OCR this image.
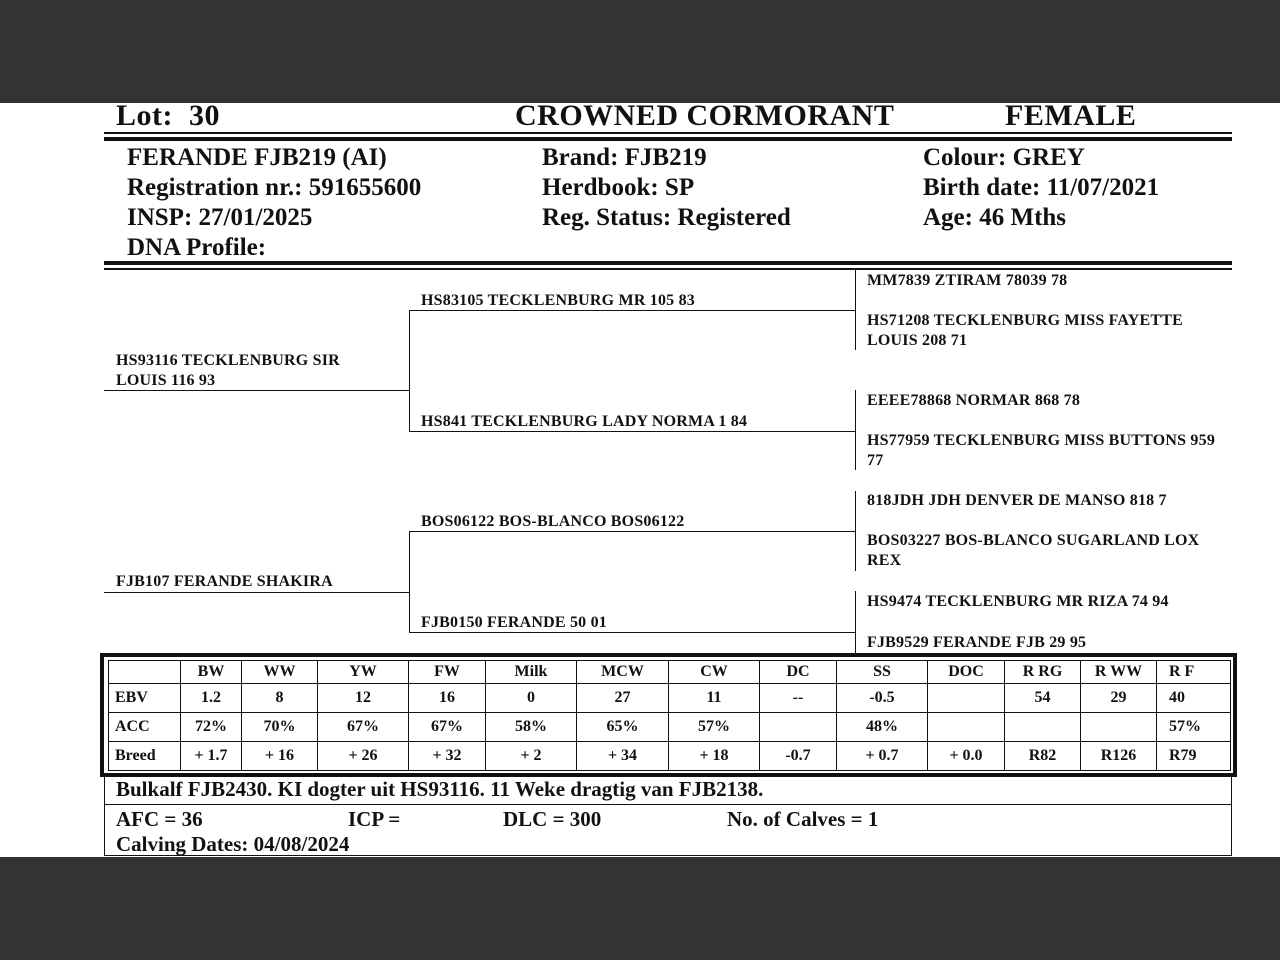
Lot: 30	CROWNED CORMORANT	FEMALE
FERANDE FJB219 (AI)
Registration nr.: 591655600
INSP: 27/01/2025
DNA Profile:
Brand: FJB219
Herdbook: SP
Reg. Status: Registered
Colour: GREY
Birth date: 11/07/2021
Age: 46 Mths
HS93116 TECKLENBURG SIR LOUIS 116 93
FJB107 FERANDE SHAKIRA
HS83105 TECKLENBURG MR 105 83
HS841 TECKLENBURG LADY NORMA 1 84
BOS06122 BOS-BLANCO BOS06122
FJB0150 FERANDE 50 01
MM7839 ZTIRAM 78039 78
HS71208 TECKLENBURG MISS FAYETTE LOUIS 208 71
EEEE78868 NORMAR 868 78
HS77959 TECKLENBURG MISS BUTTONS 959 77
818JDH JDH DENVER DE MANSO 818 7
BOS03227 BOS-BLANCO SUGARLAND LOX REX
HS9474 TECKLENBURG MR RIZA 74 94
FJB9529 FERANDE FJB 29 95
	BW	WW	YW	FW	Milk	MCW	CW	DC	SS	DOC	R RG	R WW	R F
EBV	1.2	8	12	16	0	27	11	--	-0.5		54	29	40
ACC	72%	70%	67%	67%	58%	65%	57%		48%				57%
Breed	+ 1.7	+ 16	+ 26	+ 32	+ 2	+ 34	+ 18	-0.7	+ 0.7	+ 0.0	R82	R126	R79
Bulkalf FJB2430. KI dogter uit HS93116. 11 Weke dragtig van FJB2138.
AFC = 36	ICP =	DLC = 300	No. of Calves = 1
Calving Dates: 04/08/2024
